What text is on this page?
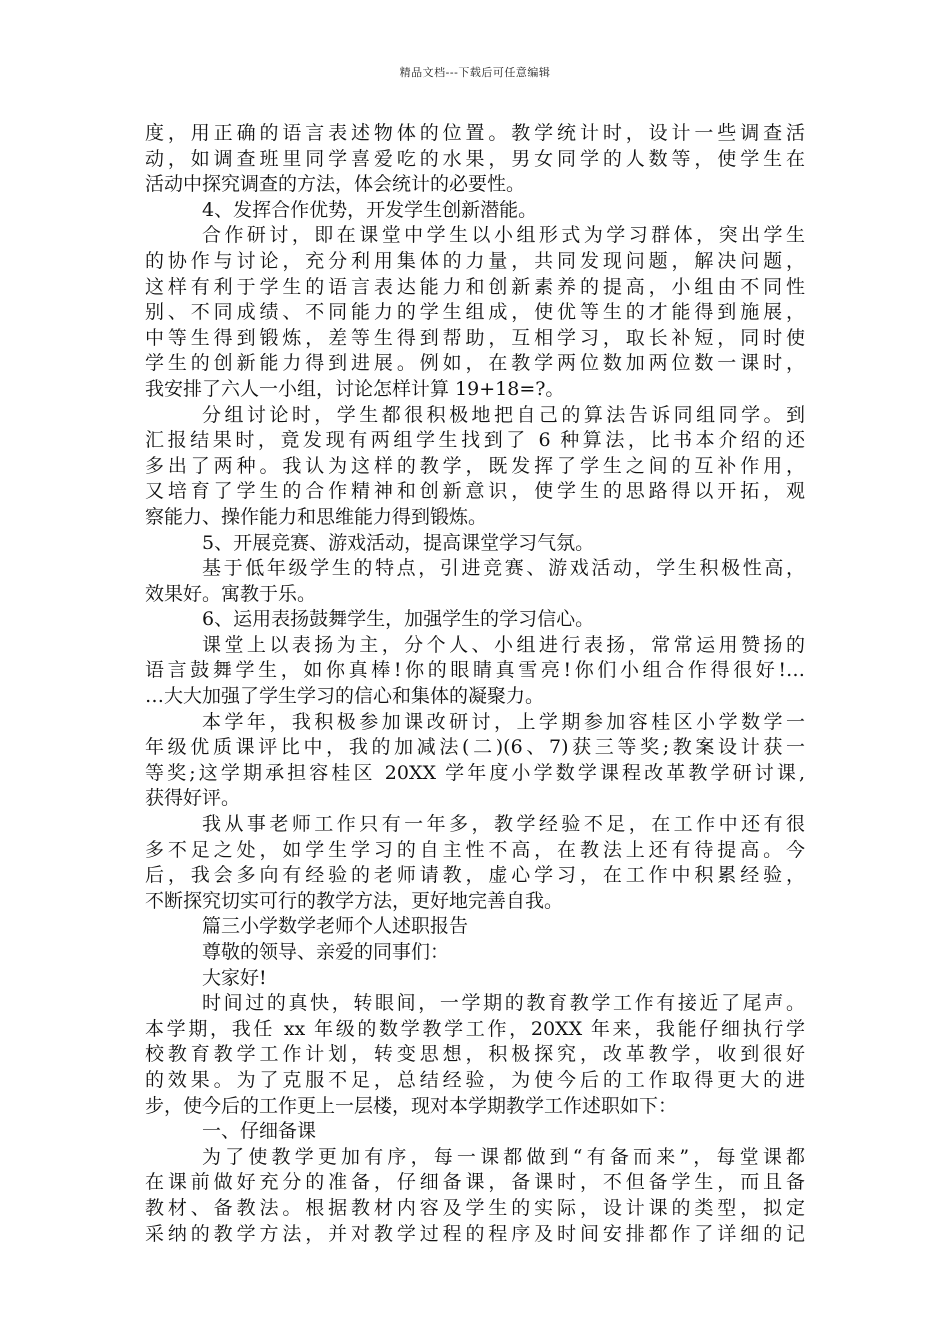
精品文档---下载后可任意编辑
度，用正确的语言表述物体的位置。教学统计时，设计一些调查活
动，如调查班里同学喜爱吃的水果，男女同学的人数等，使学生在
活动中探究调查的方法，体会统计的必要性。
4、发挥合作优势，开发学生创新潜能。
合作研讨，即在课堂中学生以小组形式为学习群体，突出学生
的协作与讨论，充分利用集体的力量，共同发现问题，解决问题，
这样有利于学生的语言表达能力和创新素养的提高，小组由不同性
别、不同成绩、不同能力的学生组成，使优等生的才能得到施展，
中等生得到锻炼，差等生得到帮助，互相学习，取长补短，同时使
学生的创新能力得到进展。例如，在教学两位数加两位数一课时，
我安排了六人一小组，讨论怎样计算 19+18=?。
分组讨论时，学生都很积极地把自己的算法告诉同组同学。到
汇报结果时，竟发现有两组学生找到了 6 种算法，比书本介绍的还
多出了两种。我认为这样的教学，既发挥了学生之间的互补作用，
又培育了学生的合作精神和创新意识，使学生的思路得以开拓，观
察能力、操作能力和思维能力得到锻炼。
5、开展竞赛、游戏活动，提高课堂学习气氛。
基于低年级学生的特点，引进竞赛、游戏活动，学生积极性高，
效果好。寓教于乐。
6、运用表扬鼓舞学生，加强学生的学习信心。
课堂上以表扬为主，分个人、小组进行表扬，常常运用赞扬的
语言鼓舞学生，如你真棒!你的眼睛真雪亮!你们小组合作得很好!…
…大大加强了学生学习的信心和集体的凝聚力。
本学年，我积极参加课改研讨，上学期参加容桂区小学数学一
年级优质课评比中，我的加减法(二)(6、7)获三等奖;教案设计获一
等奖;这学期承担容桂区 20XX 学年度小学数学课程改革教学研讨课,
获得好评。
我从事老师工作只有一年多，教学经验不足，在工作中还有很
多不足之处，如学生学习的自主性不高，在教法上还有待提高。今
后，我会多向有经验的老师请教，虚心学习，在工作中积累经验，
不断探究切实可行的教学方法，更好地完善自我。
篇三小学数学老师个人述职报告
尊敬的领导、亲爱的同事们：
大家好!
时间过的真快，转眼间，一学期的教育教学工作有接近了尾声。
本学期，我任 xx 年级的数学教学工作，20XX 年来，我能仔细执行学
校教育教学工作计划，转变思想，积极探究，改革教学，收到很好
的效果。为了克服不足，总结经验，为使今后的工作取得更大的进
步，使今后的工作更上一层楼，现对本学期教学工作述职如下：
一、仔细备课
为了使教学更加有序，每一课都做到“有备而来”，每堂课都
在课前做好充分的准备，仔细备课，备课时，不但备学生，而且备
教材、备教法。根据教材内容及学生的实际，设计课的类型，拟定
采纳的教学方法，并对教学过程的程序及时间安排都作了详细的记
